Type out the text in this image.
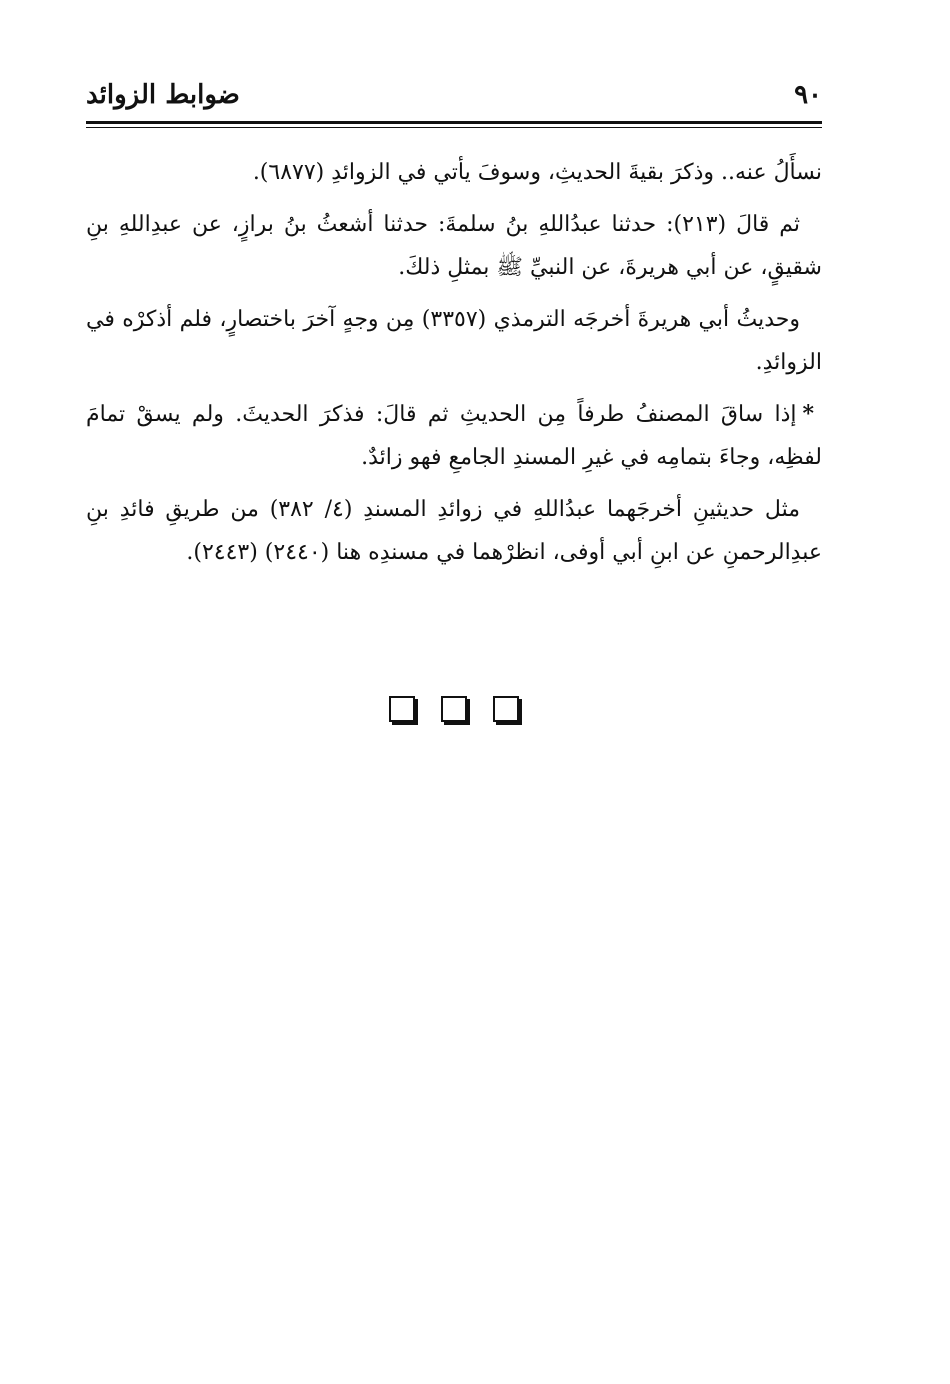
٩٠
ضوابط الزوائد

نسأَلُ عنه.. وذكرَ بقيةَ الحديثِ، وسوفَ يأتي في الزوائدِ (٦٨٧٧).

ثم قالَ (٢١٣): حدثنا عبدُاللهِ بنُ سلمةَ: حدثنا أشعثُ بنُ برازٍ، عن عبدِاللهِ بنِ شقيقٍ، عن أبي هريرةَ، عن النبيِّ ﷺ بمثلِ ذلكَ.

وحديثُ أبي هريرةَ أخرجَه الترمذي (٣٣٥٧) مِن وجهٍ آخرَ باختصارٍ، فلم أذكرْه في الزوائدِ.

*إذا ساقَ المصنفُ طرفاً مِن الحديثِ ثم قالَ: فذكرَ الحديثَ. ولم يسقْ تمامَ لفظِه، وجاءَ بتمامِه في غيرِ المسندِ الجامعِ فهو زائدٌ.

مثل حديثينِ أخرجَهما عبدُاللهِ في زوائدِ المسندِ (٤/ ٣٨٢) من طريقِ فائدِ بنِ عبدِالرحمنِ عن ابنِ أبي أوفى، انظرْهما في مسندِه هنا (٢٤٤٠) (٢٤٤٣).
